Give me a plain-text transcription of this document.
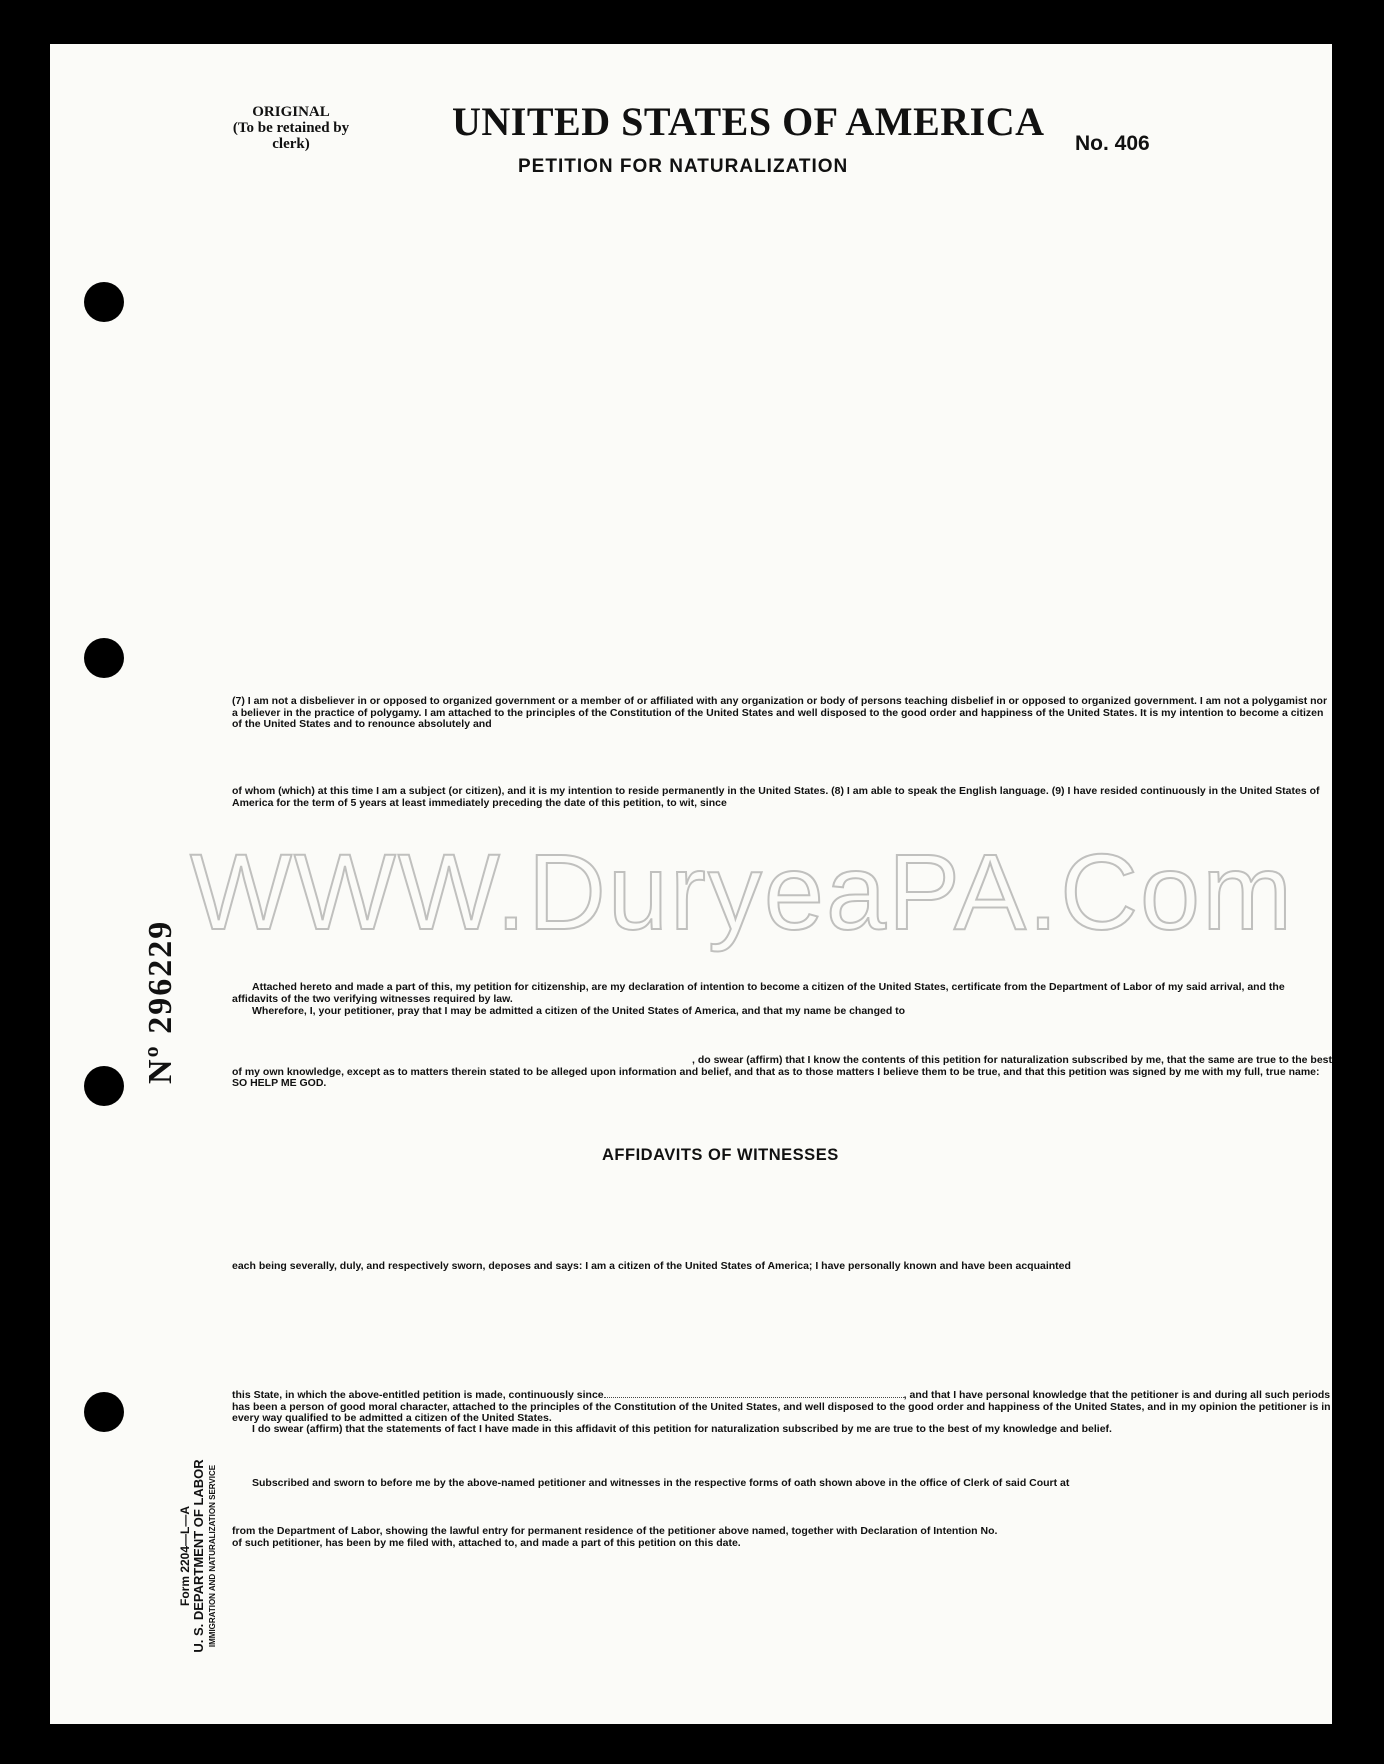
WWW.DuryeaPA.Com
ORIGINAL
(To be retained by
clerk)	UNITED STATES OF AMERICA No. 406
PETITION FOR NATURALIZATION
(7) I am not a disbeliever in or opposed to organized government or a member of or affiliated with any organization or body of persons teaching disbelief in or opposed to organized government. I am not a polygamist nor a believer in the practice of polygamy. I am attached to the principles of the Constitution of the United States and well disposed to the good order and happiness of the United States. It is my intention to become a citizen of the United States and to renounce absolutely and
of whom (which) at this time I am a subject (or citizen), and it is my intention to reside permanently in the United States. (8) I am able to speak the English language. (9) I have resided continuously in the United States of America for the term of 5 years at least immediately preceding the date of this petition, to wit, since
Attached hereto and made a part of this, my petition for citizenship, are my declaration of intention to become a citizen of the United States, certificate from the Department of Labor of my said arrival, and the affidavits of the two verifying witnesses required by law.
Wherefore, I, your petitioner, pray that I may be admitted a citizen of the United States of America, and that my name be changed to
, do swear (affirm) that I know the contents of this petition for naturalization subscribed by me, that the same are true to the best of my own knowledge, except as to matters therein stated to be alleged upon information and belief, and that as to those matters I believe them to be true, and that this petition was signed by me with my full, true name: SO HELP ME GOD.
AFFIDAVITS OF WITNESSES
each being severally, duly, and respectively sworn, deposes and says: I am a citizen of the United States of America; I have personally known and have been acquainted
this State, in which the above-entitled petition is made, continuously since	, and that I have personal knowledge that the petitioner is and during all such periods has been a person of good moral character, attached to the principles of the Constitution of the United States, and well disposed to the good order and happiness of the United States, and in my opinion the petitioner is in every way qualified to be admitted a citizen of the United States.
I do swear (affirm) that the statements of fact I have made in this affidavit of this petition for naturalization subscribed by me are true to the best of my knowledge and belief.
Subscribed and sworn to before me by the above-named petitioner and witnesses in the respective forms of oath shown above in the office of Clerk of said Court at
from the Department of Labor, showing the lawful entry for permanent residence of the petitioner above named, together with Declaration of Intention No.
of such petitioner, has been by me filed with, attached to, and made a part of this petition on this date.
Nº 296229
Form 2204—L—A U. S. DEPARTMENT OF LABOR IMMIGRATION AND NATURALIZATION SERVICE
